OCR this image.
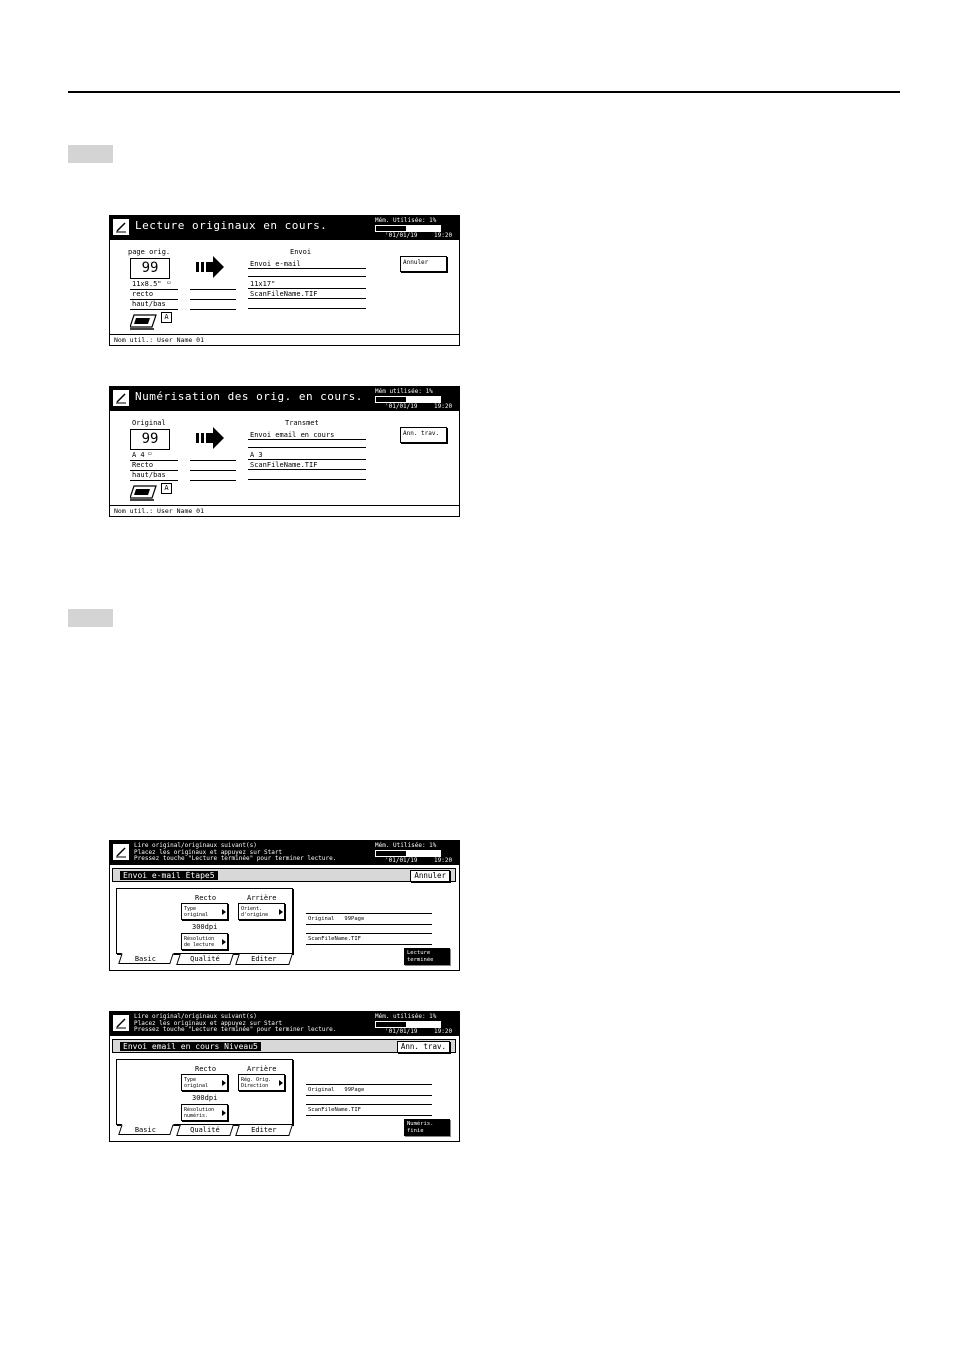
Lecture originaux en cours.	Mém. Utilisée: 1%
'01/01/19	19:20
page orig.
99
11x8.5" ▭
recto
haut/bas
Envoi
Envoi e-mail
11x17"
ScanFileName.TIF
Annuler
A
Nom util.: User Name 01
Numérisation des orig. en cours. Mém utilisée: 1%
'01/01/19	19:20
Original
99
A 4 ▭
Recto
haut/bas
Transmet
Envoi email en cours
A 3
ScanFileName.TIF
Ann. trav.
A
Nom util.: User Name 01
Lire original/originaux suivant(s)
Placez les originaux et appuyez sur Start
Pressez touche "Lecture terminée" pour terminer lecture.
Mém. Utilisée: 1%
'01/01/19	19:20
Envoi e-mail Étape5	Annuler
Recto	Arrière
Type
original
Orient.
d'origine
300dpi
Résolution
de lecture
Basic	Qualité	Editer
Original   99Page
ScanFileName.TIF
Lecture
terminée
Lire original/originaux suivant(s)
Placez les originaux et appuyez sur Start
Pressez touche "Lecture terminée" pour terminer lecture.
Mém. utilisée: 1%
'01/01/19	19:20
Envoi email en cours Niveau5	Ann. trav.
Recto	Arrière
Type
original
Rég. Orig.
Direction
300dpi
Résolution
numéris.
Basic	Qualité	Editer
Original   99Page
ScanFileName.TIF
Numéris.
finie
